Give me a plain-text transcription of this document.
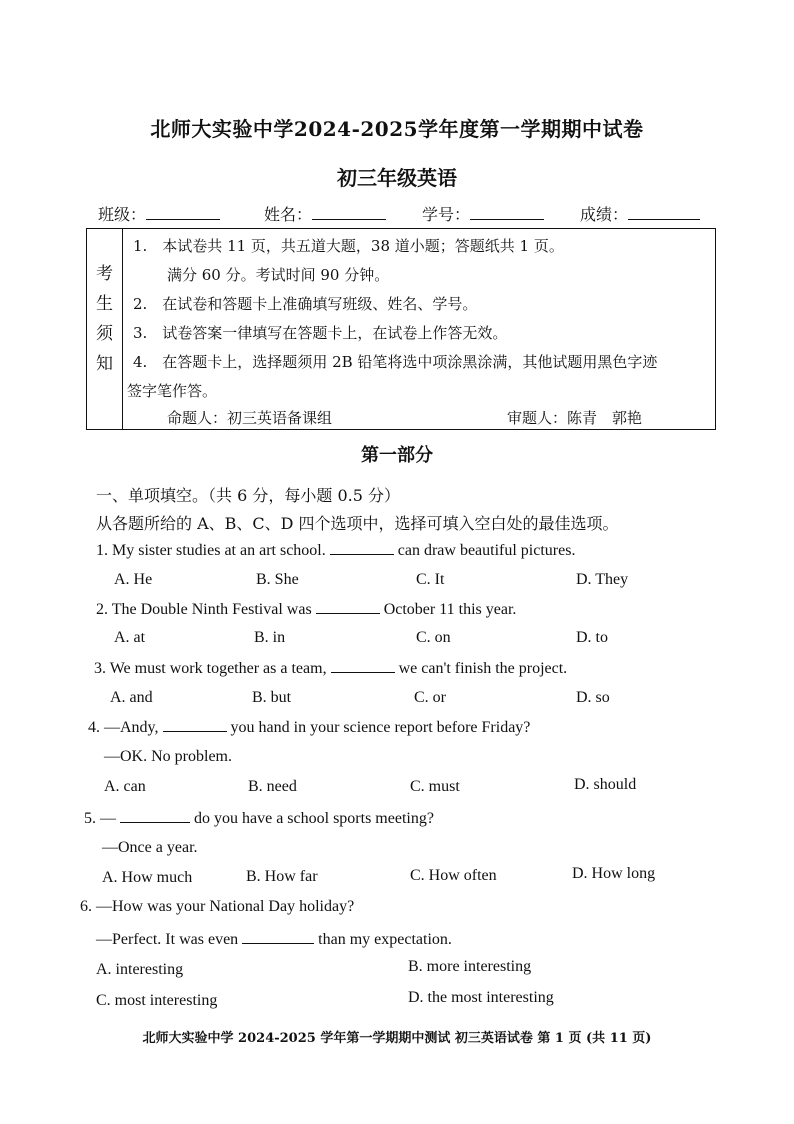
北师大实验中学2024-2025学年度第一学期期中试卷
初三年级英语
班级：	姓名：	学号：	成绩：
考
生
须
知
1.　本试卷共 11 页，共五道大题，38 道小题；答题纸共 1 页。
满分 60 分。考试时间 90 分钟。
2.　在试卷和答题卡上准确填写班级、姓名、学号。
3.　试卷答案一律填写在答题卡上，在试卷上作答无效。
4.　在答题卡上，选择题须用 2B 铅笔将选中项涂黑涂满，其他试题用黑色字迹
签字笔作答。
命题人：初三英语备课组	审题人：陈青　郭艳
第一部分
一、单项填空。（共 6 分，每小题 0.5 分）
从各题所给的 A、B、C、D 四个选项中，选择可填入空白处的最佳选项。
1. My sister studies at an art school.	can draw beautiful pictures.
A. He	B. She	C. It	D. They
2. The Double Ninth Festival was	October 11 this year.
A. at	B. in	C. on	D. to
3. We must work together as a team,	we can't finish the project.
A. and	B. but	C. or	D. so
4. —Andy,	you hand in your science report before Friday?
—OK. No problem.
A. can	B. need	C. must	D. should
5. —	do you have a school sports meeting?
—Once a year.
A. How much	B. How far	C. How often	D. How long
6. —How was your National Day holiday?
—Perfect. It was even	than my expectation.
A. interesting	B. more interesting
C. most interesting	D. the most interesting
北师大实验中学 2024-2025 学年第一学期期中测试 初三英语试卷 第 1 页 (共 11 页)
